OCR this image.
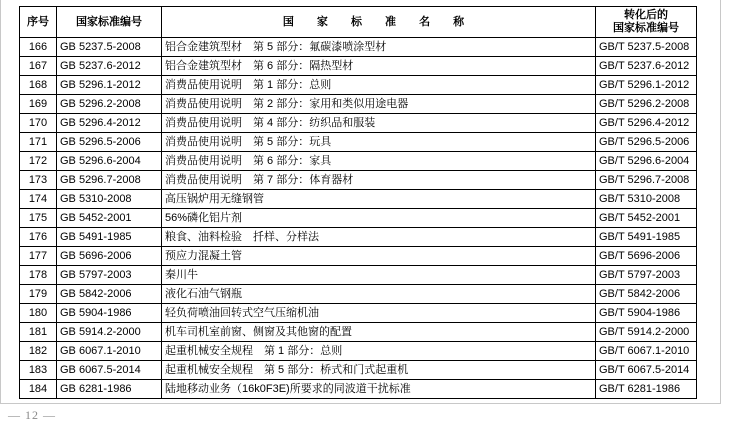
序号	国家标准编号	国 家 标 准 名 称	转化后的
国家标准编号

166	GB 5237.5-2008	铝合金建筑型材　第 5 部分：氟碳漆喷涂型材	GB/T 5237.5-2008
167	GB 5237.6-2012	铝合金建筑型材　第 6 部分：隔热型材	GB/T 5237.6-2012
168	GB 5296.1-2012	消费品使用说明　第 1 部分：总则	GB/T 5296.1-2012
169	GB 5296.2-2008	消费品使用说明　第 2 部分：家用和类似用途电器	GB/T 5296.2-2008
170	GB 5296.4-2012	消费品使用说明　第 4 部分：纺织品和服装	GB/T 5296.4-2012
171	GB 5296.5-2006	消费品使用说明　第 5 部分：玩具	GB/T 5296.5-2006
172	GB 5296.6-2004	消费品使用说明　第 6 部分：家具	GB/T 5296.6-2004
173	GB 5296.7-2008	消费品使用说明　第 7 部分：体育器材	GB/T 5296.7-2008
174	GB 5310-2008	高压锅炉用无缝钢管	GB/T 5310-2008
175	GB 5452-2001	56%磷化铝片剂	GB/T 5452-2001
176	GB 5491-1985	粮食、油料检验　扦样、分样法	GB/T 5491-1985
177	GB 5696-2006	预应力混凝土管	GB/T 5696-2006
178	GB 5797-2003	秦川牛	GB/T 5797-2003
179	GB 5842-2006	液化石油气钢瓶	GB/T 5842-2006
180	GB 5904-1986	轻负荷喷油回转式空气压缩机油	GB/T 5904-1986
181	GB 5914.2-2000	机车司机室前窗、侧窗及其他窗的配置	GB/T 5914.2-2000
182	GB 6067.1-2010	起重机械安全规程　第 1 部分：总则	GB/T 6067.1-2010
183	GB 6067.5-2014	起重机械安全规程　第 5 部分：桥式和门式起重机	GB/T 6067.5-2014
184	GB 6281-1986	陆地移动业务（16k0F3E)所要求的同波道干扰标准	GB/T 6281-1986
— 12 —
